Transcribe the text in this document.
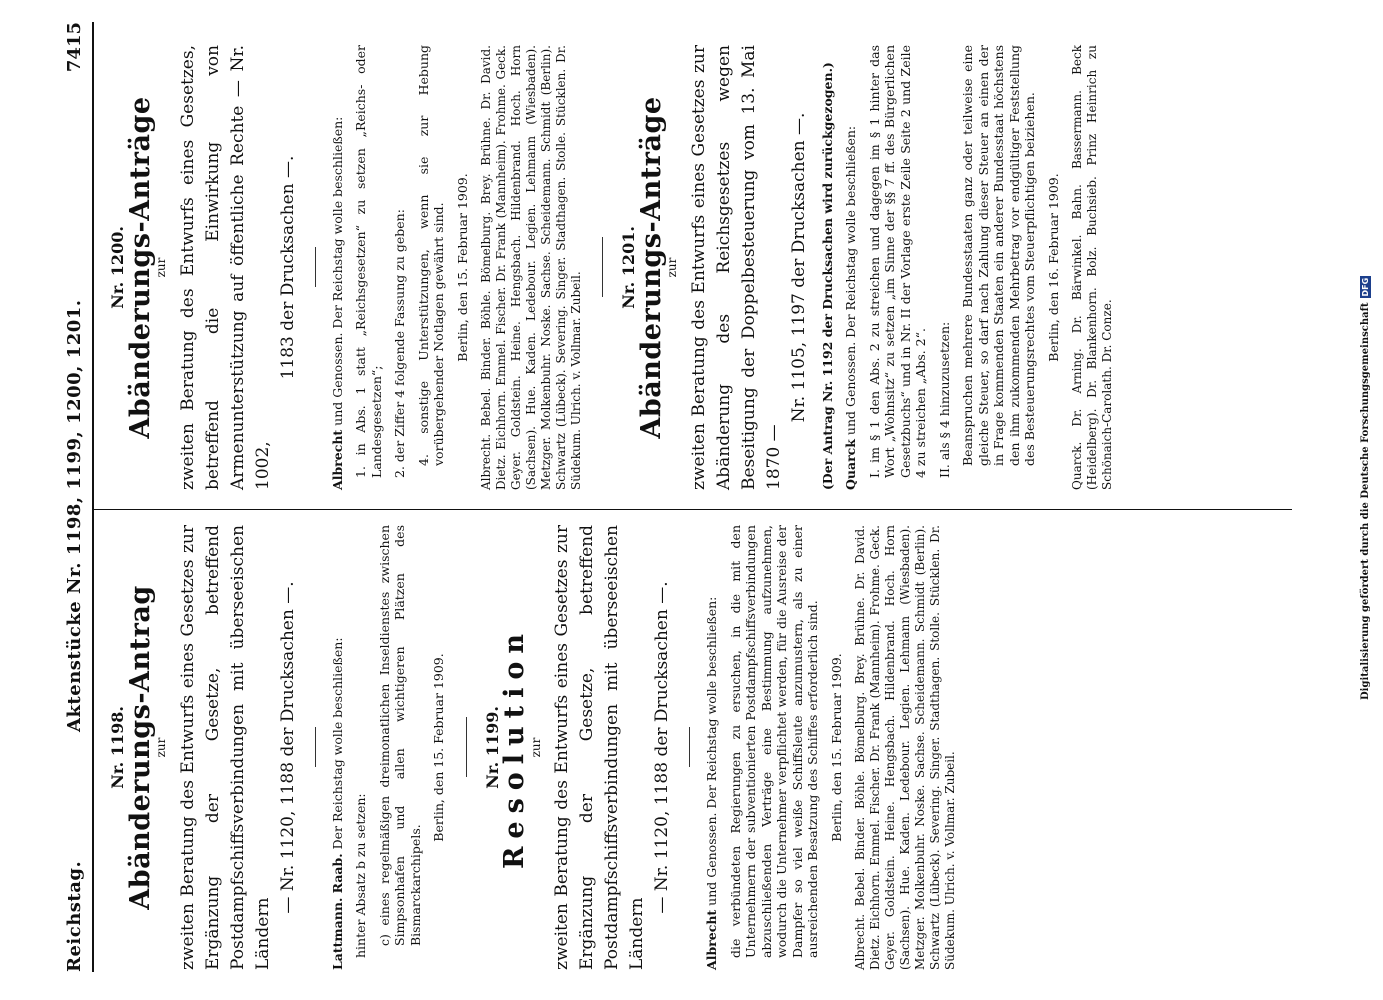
Reichstag.
Aktenstücke Nr. 1198, 1199, 1200, 1201.
7415
Nr. 1198.
Abänderungs-Antrag
zur zweiten Beratung des Entwurfs eines Gesetzes zur Ergänzung der Gesetze, betreffend Postdampfschiffsverbindungen mit überseeischen Ländern
— Nr. 1120, 1188 der Drucksachen —.	Lattmann. Raab. Der Reichstag wolle beschließen:
hinter Absatz b zu setzen: c) eines regelmäßigen dreimonatlichen Inseldienstes zwischen Simpsonhafen und allen wichtigeren Plätzen des Bismarckarchipels.
Berlin, den 15. Februar 1909. Nr. 1199.
Resolution
zur zweiten Beratung des Entwurfs eines Gesetzes zur Ergänzung der Gesetze, betreffend Postdampfschiffsverbindungen mit überseeischen Ländern
— Nr. 1120, 1188 der Drucksachen —.
Albrecht und Genossen. Der Reichstag wolle beschließen: die verbündeten Regierungen zu ersuchen, in die mit den Unternehmern der subventionierten Postdampfschiffsverbindungen abzuschließenden Verträge eine Bestimmung aufzunehmen, wodurch die Unternehmer verpflichtet werden, für die Ausreise der Dampfer so viel weiße Schiffsleute anzumustern, als zu einer ausreichenden Besatzung des Schiffes erforderlich sind. Berlin, den 15. Februar 1909. Albrecht. Bebel. Binder. Böhle. Bömelburg. Brey. Brühne. Dr. David. Dietz. Eichhorn. Emmel. Fischer. Dr. Frank (Mannheim). Frohme. Geck. Geyer. Goldstein. Heine. Hengsbach. Hildenbrand. Hoch. Horn (Sachsen). Hue. Kaden. Ledebour. Legien. Lehmann (Wiesbaden). Metzger. Molkenbuhr. Noske. Sachse. Scheidemann. Schmidt (Berlin). Schwartz (Lübeck). Severing. Singer. Stadthagen. Stolle. Stücklen. Dr. Südekum. Ulrich. v. Vollmar. Zubeil.
Nr. 1200.
Abänderungs-Anträge
zur zweiten Beratung des Entwurfs eines Gesetzes, betreffend die Einwirkung von Armenunterstützung auf öffentliche Rechte — Nr. 1002,
1183 der Drucksachen —.
Albrecht und Genossen. Der Reichstag wolle beschließen: 1. in Abs. 1 statt „Reichsgesetzen“ zu setzen „Reichs- oder Landesgesetzen“; 2. der Ziffer 4 folgende Fassung zu geben: 4. sonstige Unterstützungen, wenn sie zur Hebung vorübergehender Notlagen gewährt sind. Berlin, den 15. Februar 1909. Albrecht. Bebel. Binder. Böhle. Bömelburg. Brey. Brühne. Dr. David. Dietz. Eichhorn. Emmel. Fischer. Dr. Frank (Mannheim). Frohme. Geck. Geyer. Goldstein. Heine. Hengsbach. Hildenbrand. Hoch. Horn (Sachsen). Hue. Kaden. Ledebour. Legien. Lehmann (Wiesbaden). Metzger. Molkenbuhr. Noske. Sachse. Scheidemann. Schmidt (Berlin). Schwartz (Lübeck). Severing. Singer. Stadthagen. Stolle. Stücklen. Dr. Südekum. Ulrich. v. Vollmar. Zubeil.
Nr. 1201.
Abänderungs-Anträge
zur zweiten Beratung des Entwurfs eines Gesetzes zur Abänderung des Reichsgesetzes wegen Beseitigung der Doppelbesteuerung vom 13. Mai 1870 —
Nr. 1105, 1197 der Drucksachen —. (Der Antrag Nr. 1192 der Drucksachen wird zurückgezogen.) Quarck und Genossen. Der Reichstag wolle beschließen: I. im § 1 den Abs. 2 zu streichen und dagegen im § 1 hinter das Wort „Wohnsitz“ zu setzen „im Sinne der §§ 7 ff. des Bürgerlichen Gesetzbuchs“ und in Nr. II der Vorlage erste Zeile Seite 2 und Zeile 4 zu streichen „Abs. 2“. II. als § 4 hinzuzusetzen: Beanspruchen mehrere Bundesstaaten ganz oder teilweise eine gleiche Steuer, so darf nach Zahlung dieser Steuer an einen der in Frage kommenden Staaten ein anderer Bundesstaat höchstens den ihm zukommenden Mehrbetrag vor endgültiger Feststellung des Besteuerungsrechtes vom Steuerpflichtigen beiziehen. Berlin, den 16. Februar 1909. Quarck. Dr. Arning. Dr. Bärwinkel. Bahn. Bassermann. Beck (Heidelberg). Dr. Blankenhorn. Bolz. Buchsieb. Prinz Heinrich zu Schönaich-Carolath. Dr. Conze.	Digitalisierung gefördert durch die Deutsche ForschungsgemeinschaftDFG
